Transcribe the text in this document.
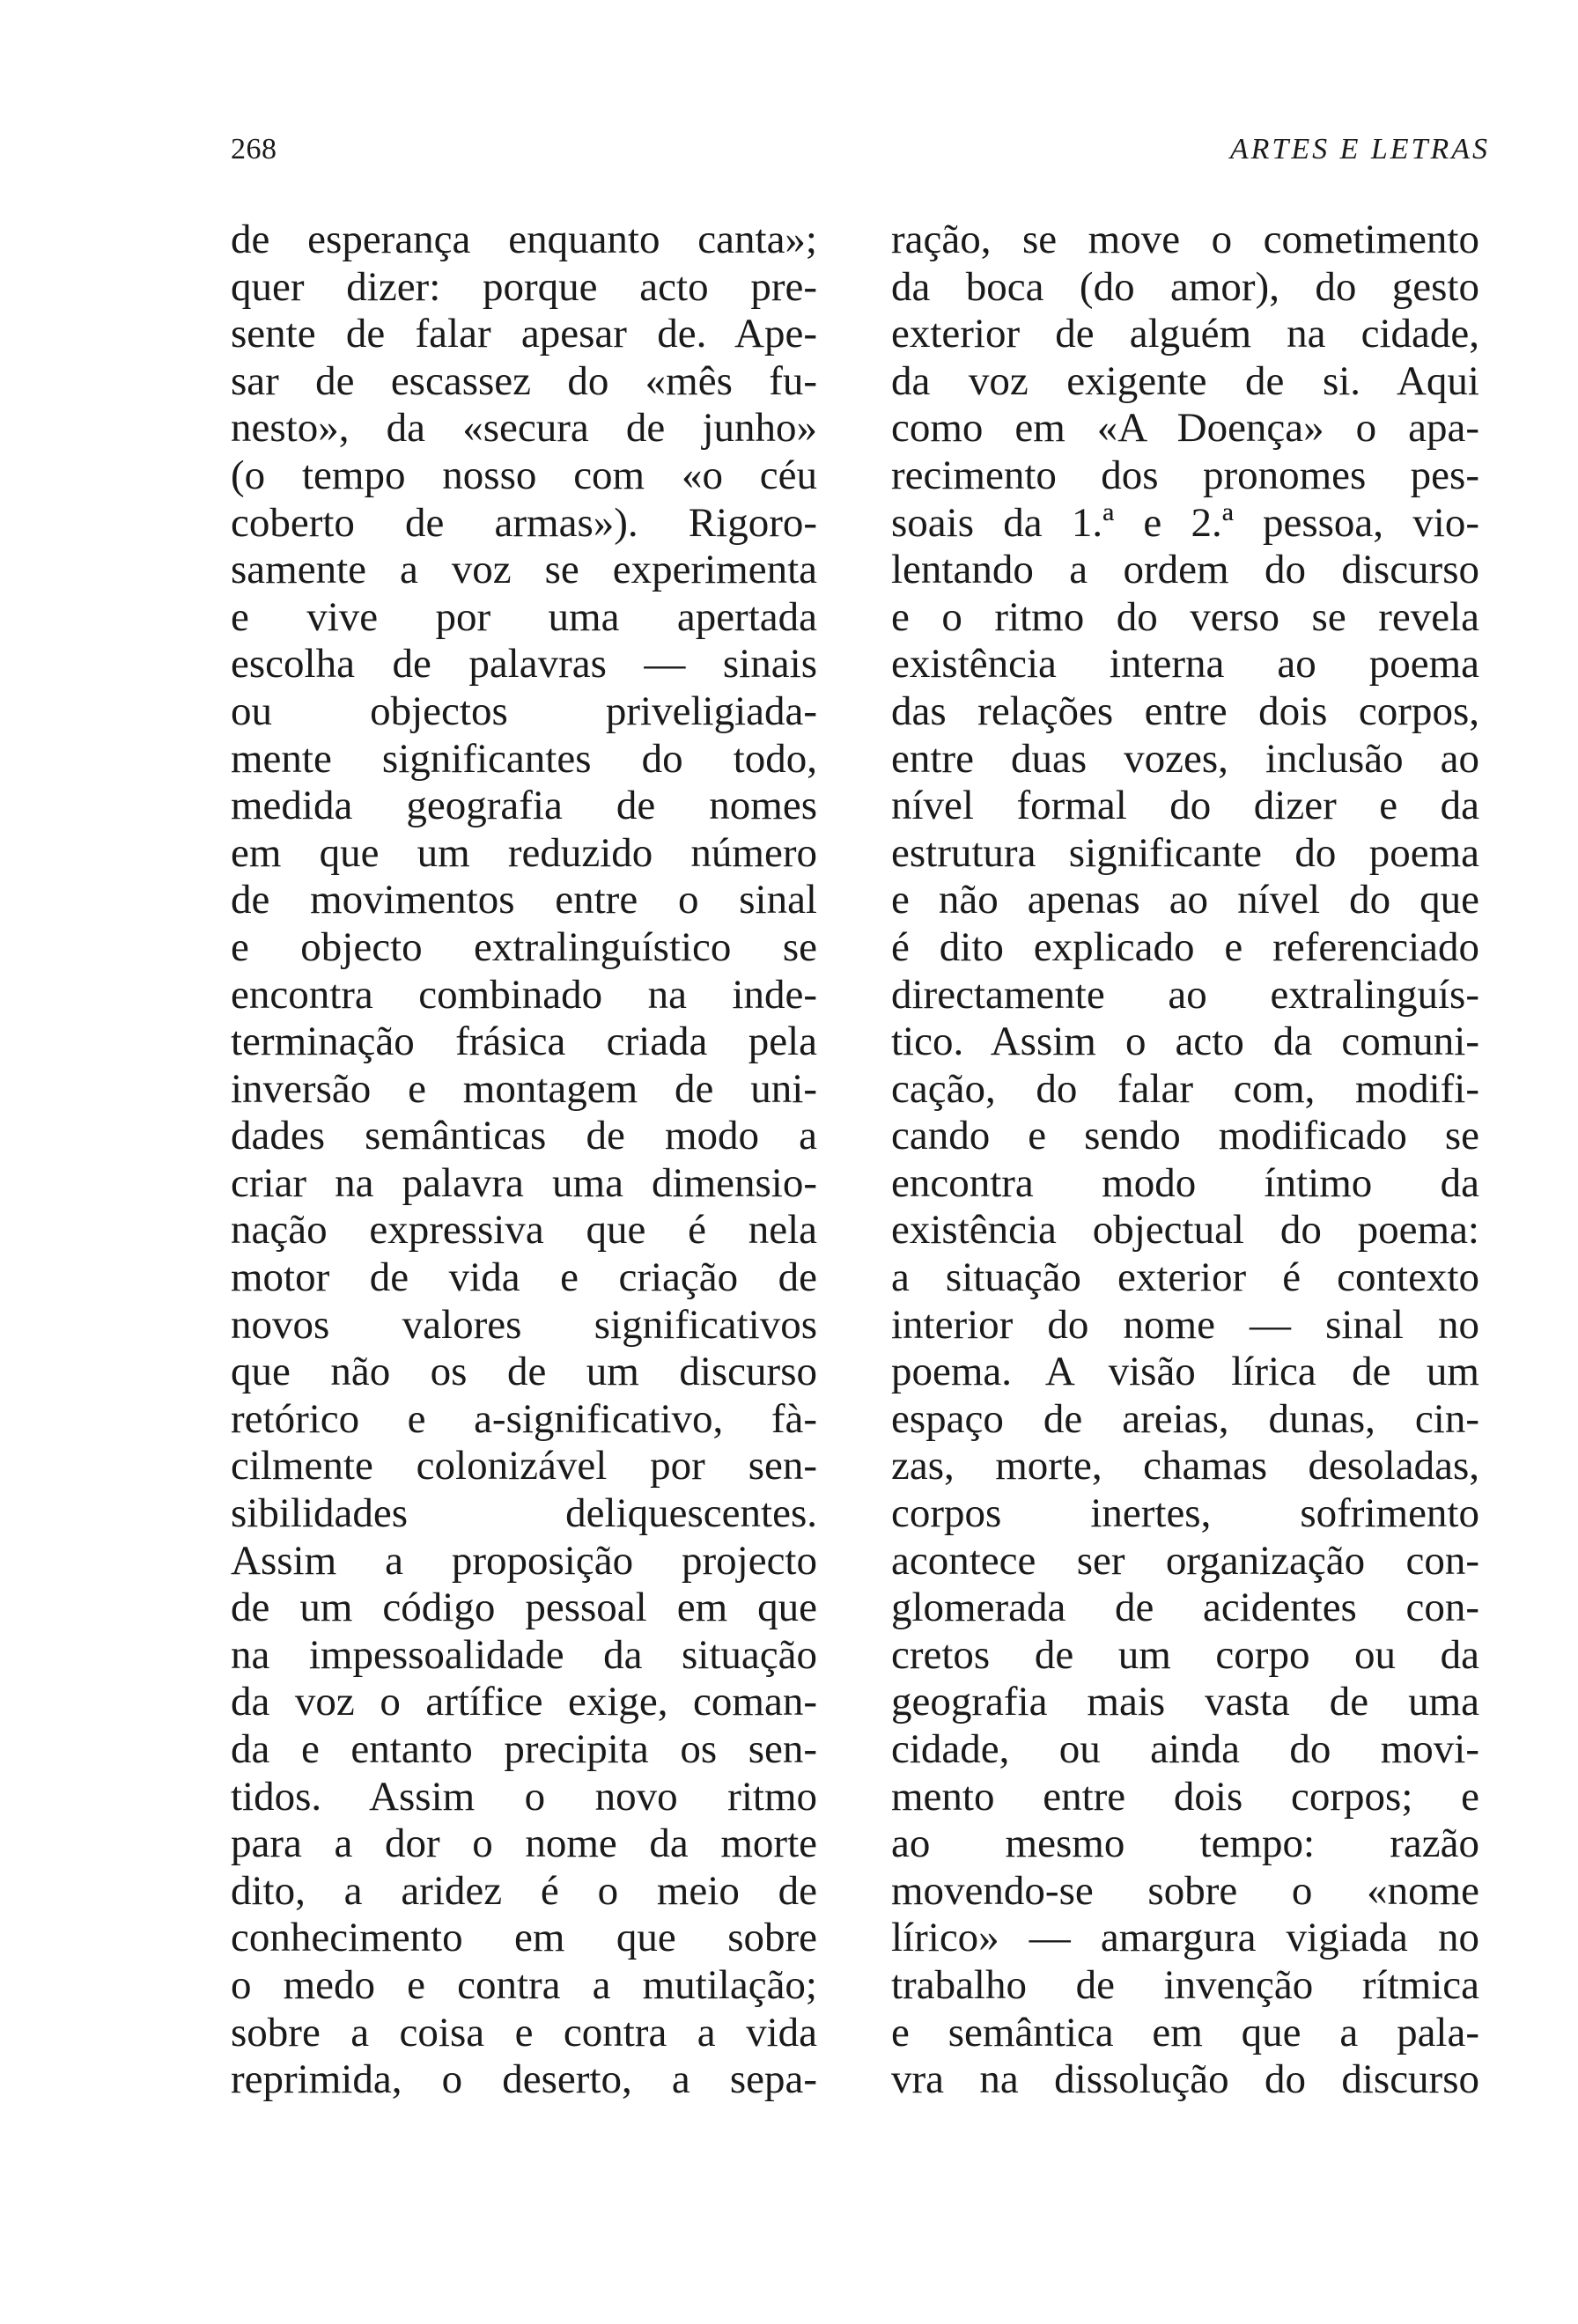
268	ARTES E LETRAS
de esperança enquanto canta»;
quer dizer: porque acto pre-
sente de falar apesar de. Ape-
sar de escassez do «mês fu-
nesto», da «secura de junho»
(o tempo nosso com «o céu
coberto de armas»). Rigoro-
samente a voz se experimenta
e vive por uma apertada
escolha de palavras — sinais
ou objectos priveligiada-
mente significantes do todo,
medida geografia de nomes
em que um reduzido número
de movimentos entre o sinal
e objecto extralinguístico se
encontra combinado na inde-
terminação frásica criada pela
inversão e montagem de uni-
dades semânticas de modo a
criar na palavra uma dimensio-
nação expressiva que é nela
motor de vida e criação de
novos valores significativos
que não os de um discurso
retórico e a-significativo, fà-
cilmente colonizável por sen-
sibilidades deliquescentes.
Assim a proposição projecto
de um código pessoal em que
na impessoalidade da situação
da voz o artífice exige, coman-
da e entanto precipita os sen-
tidos. Assim o novo ritmo
para a dor o nome da morte
dito, a aridez é o meio de
conhecimento em que sobre
o medo e contra a mutilação;
sobre a coisa e contra a vida
reprimida, o deserto, a sepa-
ração, se move o cometimento
da boca (do amor), do gesto
exterior de alguém na cidade,
da voz exigente de si. Aqui
como em «A Doença» o apa-
recimento dos pronomes pes-
soais da 1.ª e 2.ª pessoa, vio-
lentando a ordem do discurso
e o ritmo do verso se revela
existência interna ao poema
das relações entre dois corpos,
entre duas vozes, inclusão ao
nível formal do dizer e da
estrutura significante do poema
e não apenas ao nível do que
é dito explicado e referenciado
directamente ao extralinguís-
tico. Assim o acto da comuni-
cação, do falar com, modifi-
cando e sendo modificado se
encontra modo íntimo da
existência objectual do poema:
a situação exterior é contexto
interior do nome — sinal no
poema. A visão lírica de um
espaço de areias, dunas, cin-
zas, morte, chamas desoladas,
corpos inertes, sofrimento
acontece ser organização con-
glomerada de acidentes con-
cretos de um corpo ou da
geografia mais vasta de uma
cidade, ou ainda do movi-
mento entre dois corpos; e
ao mesmo tempo: razão
movendo-se sobre o «nome
lírico» — amargura vigiada no
trabalho de invenção rítmica
e semântica em que a pala-
vra na dissolução do discurso
